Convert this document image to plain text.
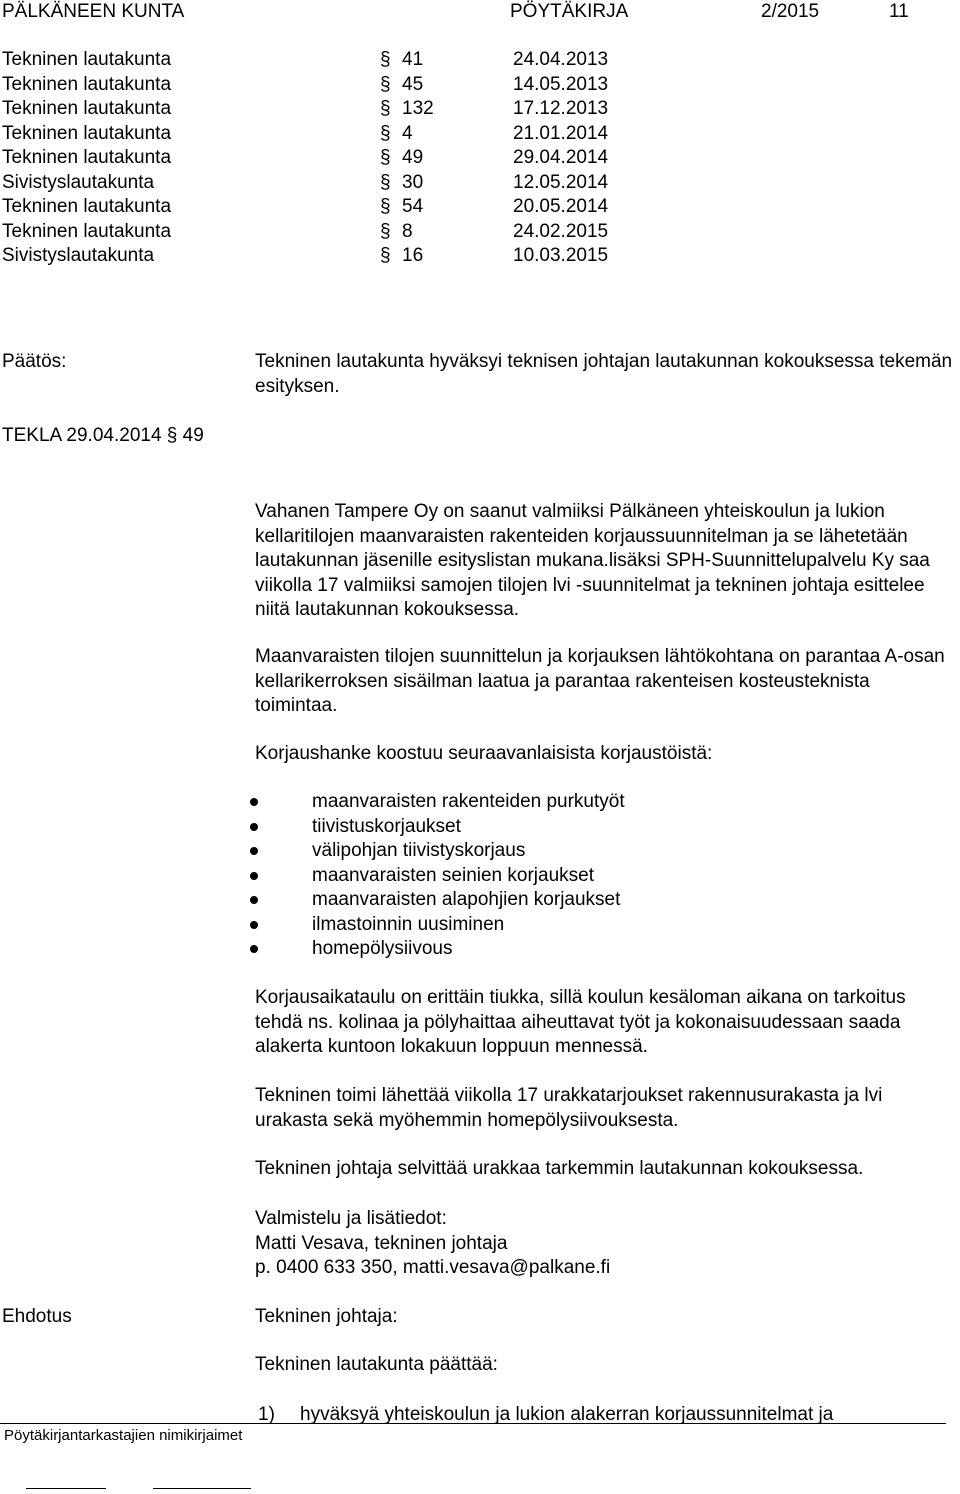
PÄLKÄNEEN KUNTA	PÖYTÄKIRJA	2/2015	11
Tekninen lautakunta	§ 41	24.04.2013
Tekninen lautakunta	§ 45	14.05.2013
Tekninen lautakunta	§ 132	17.12.2013
Tekninen lautakunta	§ 4	21.01.2014
Tekninen lautakunta	§ 49	29.04.2014
Sivistyslautakunta	§ 30	12.05.2014
Tekninen lautakunta	§ 54	20.05.2014
Tekninen lautakunta	§ 8	24.02.2015
Sivistyslautakunta	§ 16	10.03.2015
Päätös:	Tekninen lautakunta hyväksyi teknisen johtajan lautakunnan kokouksessa tekemän esityksen.
TEKLA 29.04.2014 § 49

Vahanen Tampere Oy on saanut valmiiksi Pälkäneen yhteiskoulun ja lukion kellaritilojen maanvaraisten rakenteiden korjaussuunnitelman ja se lähetetään lautakunnan jäsenille esityslistan mukana.lisäksi SPH-Suunnittelupalvelu Ky saa viikolla 17 valmiiksi samojen tilojen lvi -suunnitelmat ja tekninen johtaja esittelee niitä lautakunnan kokouksessa.

Maanvaraisten tilojen suunnittelun ja korjauksen lähtökohtana on parantaa A-osan kellarikerroksen sisäilman laatua ja parantaa rakenteisen kosteusteknista toimintaa.

Korjaushanke koostuu seuraavanlaisista korjaustöistä:

maanvaraisten rakenteiden purkutyöt
tiivistuskorjaukset
välipohjan tiivistyskorjaus
maanvaraisten seinien korjaukset
maanvaraisten alapohjien korjaukset
ilmastoinnin uusiminen
homepölysiivous

Korjausaikataulu on erittäin tiukka, sillä koulun kesäloman aikana on tarkoitus tehdä ns. kolinaa ja pölyhaittaa aiheuttavat työt ja kokonaisuudessaan saada alakerta kuntoon lokakuun loppuun mennessä.

Tekninen toimi lähettää viikolla 17 urakkatarjoukset rakennusurakasta ja lvi urakasta sekä myöhemmin homepölysiivouksesta.

Tekninen johtaja selvittää urakkaa tarkemmin lautakunnan kokouksessa.

Valmistelu ja lisätiedot:
Matti Vesava, tekninen johtaja
p. 0400 633 350, matti.vesava@palkane.fi
Ehdotus	Tekninen johtaja:
Tekninen lautakunta päättää:
1) hyväksyä yhteiskoulun ja lukion alakerran korjaussunnitelmat ja
Pöytäkirjantarkastajien nimikirjaimet
